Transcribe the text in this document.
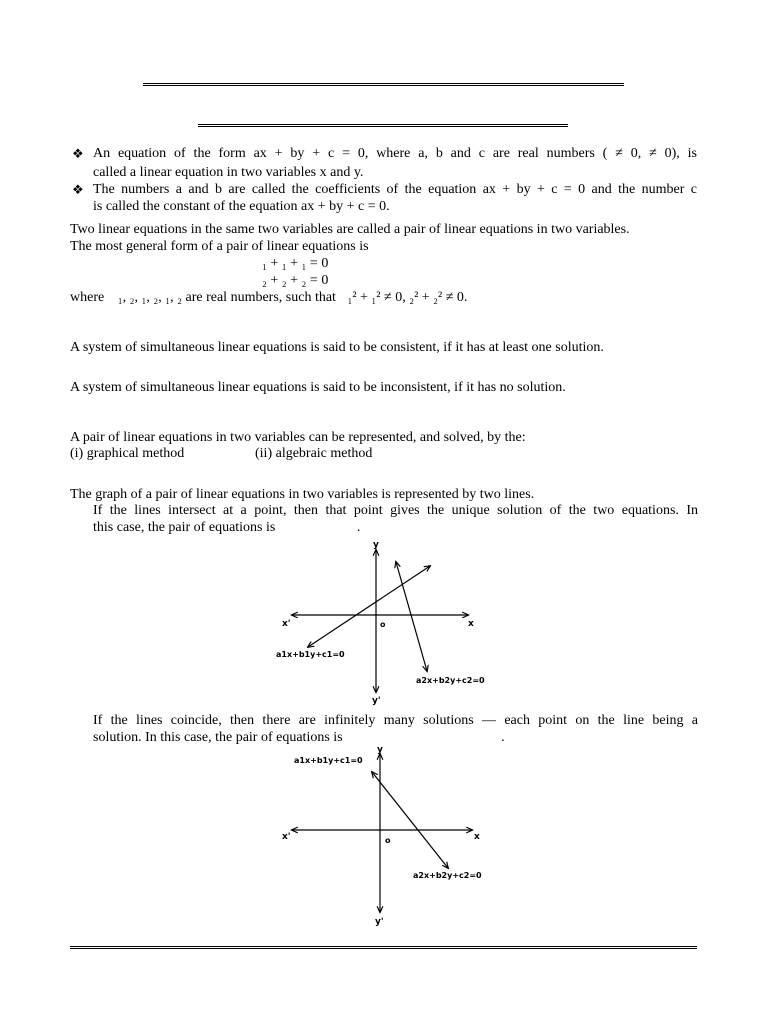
❖ An equation of the form ax + by + c = 0, where a, b and c are real numbers ( ≠ 0, ≠ 0), is
called a linear equation in two variables x and y.
❖ The numbers a and b are called the coefficients of the equation ax + by + c = 0 and the number c
is called the constant of the equation ax + by + c = 0.
Two linear equations in the same two variables are called a pair of linear equations in two variables.
The most general form of a pair of linear equations is
₁ + ₁ + ₁ = 0
₂ + ₂ + ₂ = 0
where ₁, ₂, ₁, ₂, ₁, ₂ are real numbers, such that ₁² + ₁² ≠ 0, ₂² + ₂² ≠ 0.
A system of simultaneous linear equations is said to be consistent, if it has at least one solution.
A system of simultaneous linear equations is said to be inconsistent, if it has no solution.
A pair of linear equations in two variables can be represented, and solved, by the:
(i) graphical method	(ii) algebraic method
The graph of a pair of linear equations in two variables is represented by two lines.
If the lines intersect at a point, then that point gives the unique solution of the two equations. In
this case, the pair of equations is	.
y
y'
x
x'	o
a1x+b1y+c1=0
a2x+b2y+c2=0
If the lines coincide, then there are infinitely many solutions — each point on the line being a
solution. In this case, the pair of equations is	.
y
y'
x
x'	o
a1x+b1y+c1=0
a2x+b2y+c2=0
